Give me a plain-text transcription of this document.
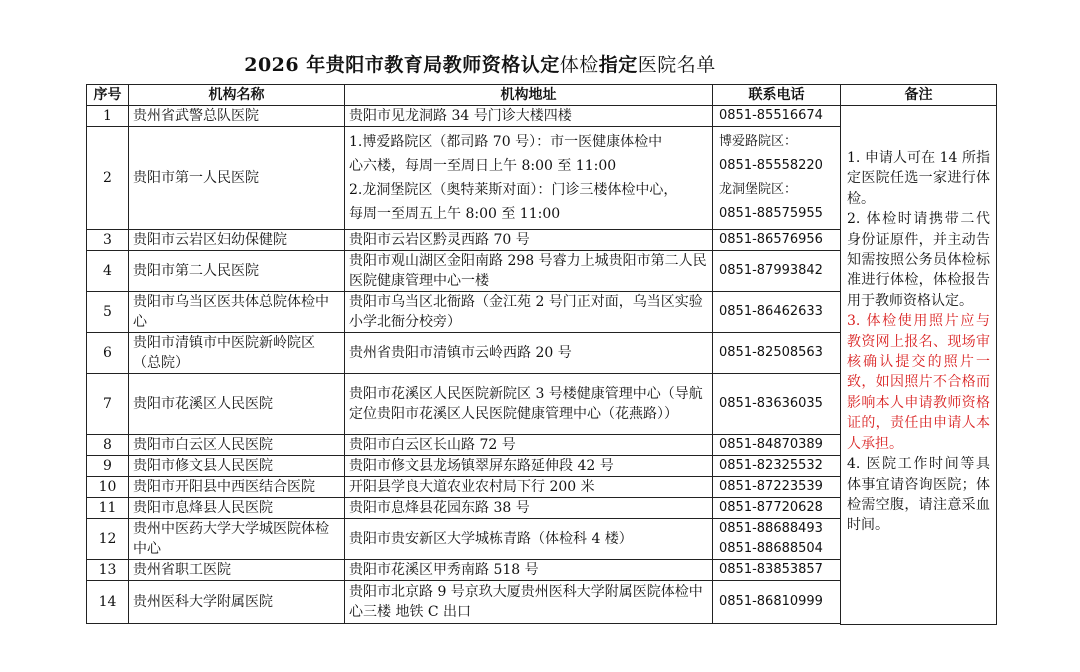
2026 年贵阳市教育局教师资格认定体检指定医院名单
序号	机构名称	机构地址	联系电话	备注
1	贵州省武警总队医院	贵阳市见龙洞路 34 号门诊大楼四楼	0851-85516674	1. 申请人可在 14 所指定医院任选一家进行体检。

2. 体检时请携带二代身份证原件，并主动告知需按照公务员体检标准进行体检，体检报告用于教师资格认定。

3. 体检使用照片应与教资网上报名、现场审核确认提交的照片一致，如因照片不合格而影响本人申请教师资格证的，责任由申请人本人承担。

4. 医院工作时间等具体事宜请咨询医院；体检需空腹，请注意采血时间。

2	贵阳市第一人民医院	1.博爱路院区（都司路 70 号）：市一医健康体检中
心六楼，每周一至周日上午 8:00 至 11:00
2.龙洞堡院区（奥特莱斯对面）：门诊三楼体检中心，
每周一至周五上午 8:00 至 11:00	博爱路院区：
0851-85558220
龙洞堡院区：
0851-88575955	

3	贵阳市云岩区妇幼保健院	贵阳市云岩区黔灵西路 70 号	0851-86576956	
4	贵阳市第二人民医院	贵阳市观山湖区金阳南路 298 号睿力上城贵阳市第二人民医院健康管理中心一楼	0851-87993842	
5	贵阳市乌当区医共体总院体检中心	贵阳市乌当区北衙路（金江苑 2 号门正对面，乌当区实验小学北衙分校旁）	0851-86462633	
6	贵阳市清镇市中医院新岭院区（总院）	贵州省贵阳市清镇市云岭西路 20 号	0851-82508563	
7	贵阳市花溪区人民医院	贵阳市花溪区人民医院新院区 3 号楼健康管理中心（导航定位贵阳市花溪区人民医院健康管理中心（花燕路））	0851-83636035	
8	贵阳市白云区人民医院	贵阳市白云区长山路 72 号	0851-84870389	
9	贵阳市修文县人民医院	贵阳市修文县龙场镇翠屏东路延伸段 42 号	0851-82325532	
10	贵阳市开阳县中西医结合医院	开阳县学良大道农业农村局下行 200 米	0851-87223539	
11	贵阳市息烽县人民医院	贵阳市息烽县花园东路 38 号	0851-87720628	
12	贵州中医药大学大学城医院体检中心	贵阳市贵安新区大学城栋青路（体检科 4 楼）	0851-88688493
0851-88688504	

13	贵州省职工医院	贵阳市花溪区甲秀南路 518 号	0851-83853857	
14	贵州医科大学附属医院	贵阳市北京路 9 号京玖大厦贵州医科大学附属医院体检中心三楼 地铁 C 出口	0851-86810999	
